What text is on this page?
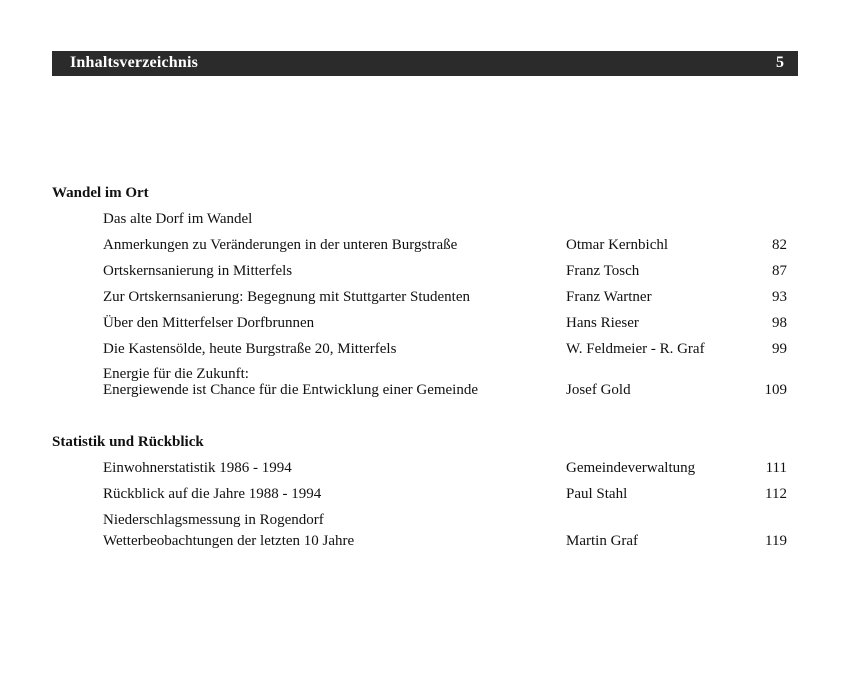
Inhaltsverzeichnis	5
Wandel im Ort
Das alte Dorf im Wandel
Anmerkungen zu Veränderungen in der unteren Burgstraße	Otmar Kernbichl	82
Ortskernsanierung in Mitterfels	Franz Tosch	87
Zur Ortskernsanierung: Begegnung mit Stuttgarter Studenten	Franz Wartner	93
Über den Mitterfelser Dorfbrunnen	Hans Rieser	98
Die Kastensölde, heute Burgstraße 20, Mitterfels	W. Feldmeier - R. Graf	99
Energie für die Zukunft:
Energiewende ist Chance für die Entwicklung einer Gemeinde	Josef Gold	109
Statistik und Rückblick
Einwohnerstatistik 1986 - 1994	Gemeindeverwaltung	111
Rückblick auf die Jahre 1988 - 1994	Paul Stahl	112
Niederschlagsmessung in Rogendorf
Wetterbeobachtungen der letzten 10 Jahre	Martin Graf	119
